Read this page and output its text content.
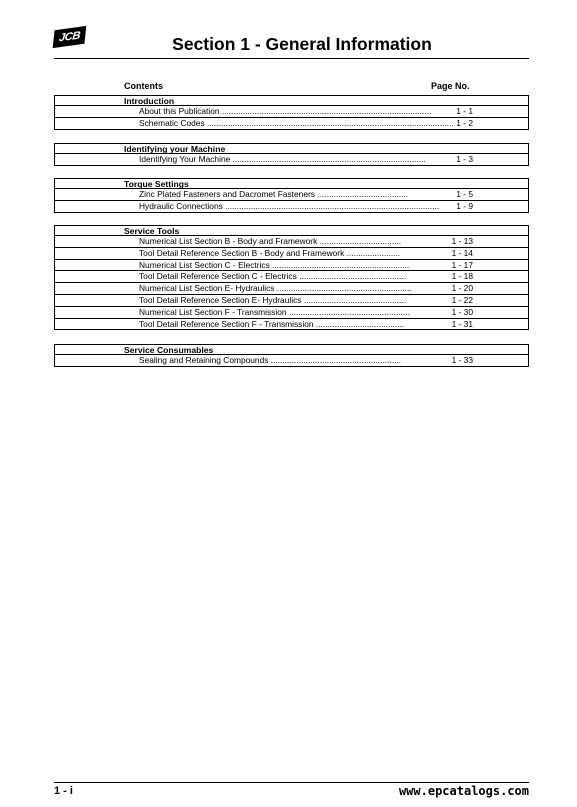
JCB	Section 1 - General Information
Contents	Page No.
Introduction
About this Publication ..........................................................................................	1 - 1
Schematic Codes .......................................................................................................... 1 - 2
Identifying your Machine
Identifying Your Machine ...................................................................................	1 - 3
Torque Settings
Zinc Plated Fasteners and Dacromet Fasteners .......................................	1 - 5
Hydraulic Connections ............................................................................................ 1 - 9
Service Tools
Numerical List Section B - Body and Framework ...................................	1 - 13
Tool Detail Reference Section B - Body and Framework .......................	1 - 14
Numerical List Section C - Electrics ...........................................................	1 - 17
Tool Detail Reference Section C - Electrics ..............................................	1 - 18
Numerical List Section E- Hydraulics ..........................................................	1 - 20
Tool Detail Reference Section E- Hydraulics ............................................	1 - 22
Numerical List Section F - Transmission ....................................................	1 - 30
Tool Detail Reference Section F - Transmission ......................................	1 - 31
Service Consumables
Sealing and Retaining Compounds ........................................................	1 - 33
1 - i	www.epcatalogs.com
